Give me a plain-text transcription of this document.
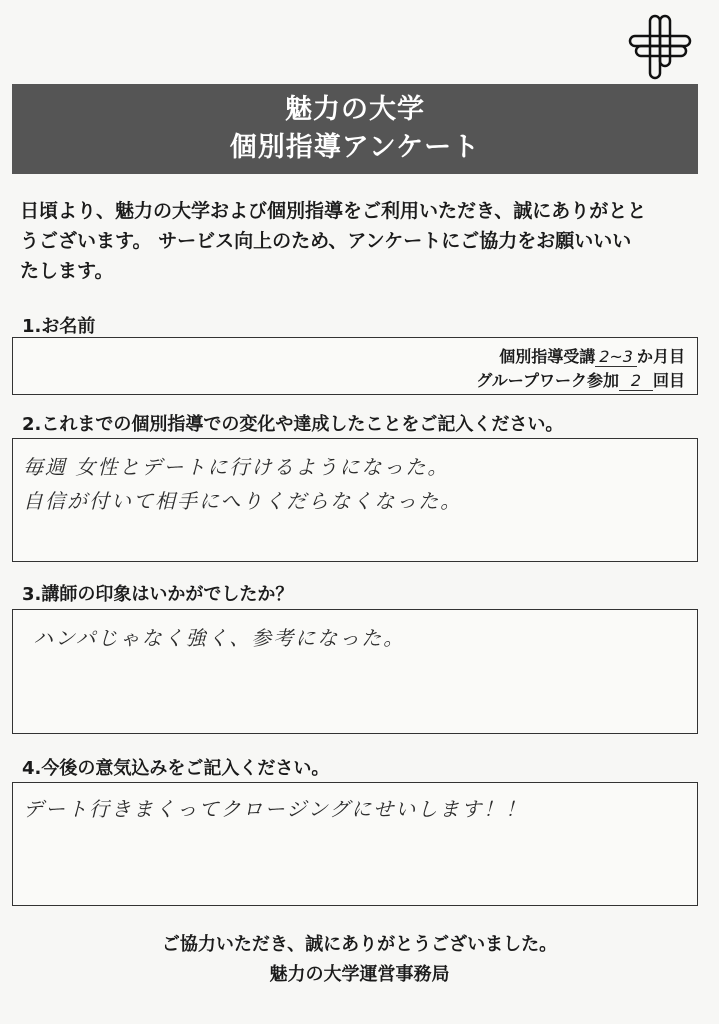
魅力の大学
個別指導アンケート
日頃より、魅力の大学および個別指導をご利用いただき、誠にありがとと
うございます。 サービス向上のため、アンケートにご協力をお願いいい
たします。
1.お名前
個別指導受講 2~3 か月目
グループワーク参加 2 回目
2.これまでの個別指導での変化や達成したことをご記入ください。
毎週 女性とデートに行けるようになった。
自信が付いて相手にへりくだらなくなった。
3.講師の印象はいかがでしたか？
ハンパじゃなく強く、参考になった。
4.今後の意気込みをご記入ください。
デート行きまくってクロージングにせいします！！
ご協力いただき、誠にありがとうございました。
魅力の大学運営事務局
